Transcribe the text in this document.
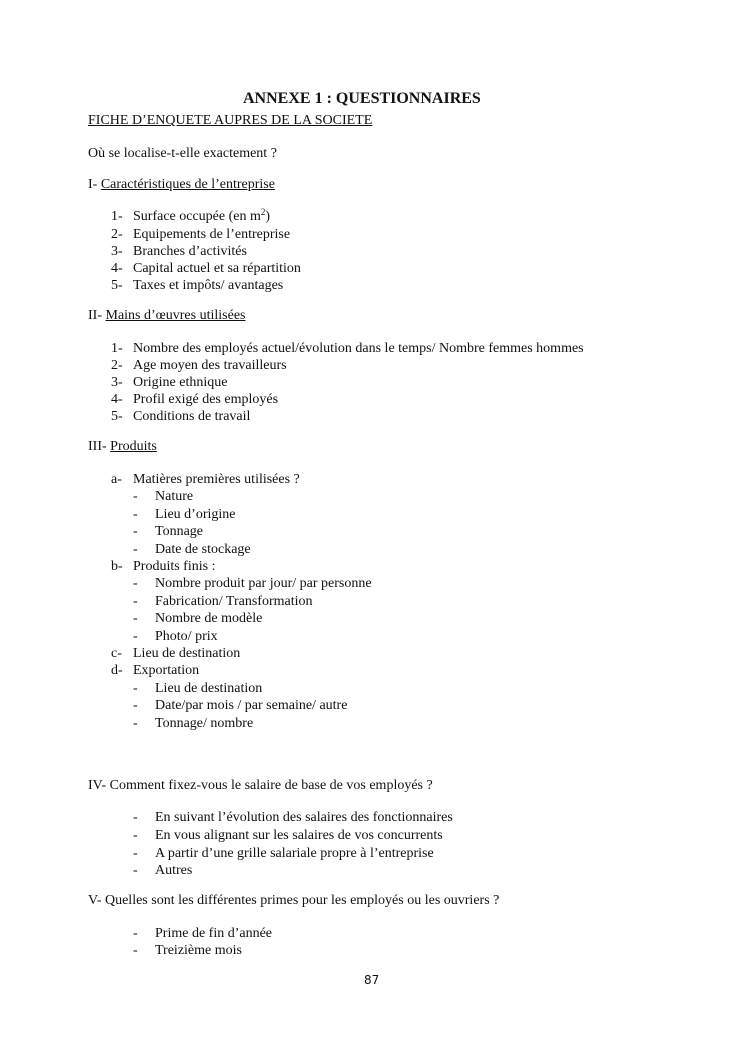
ANNEXE 1 : QUESTIONNAIRES
FICHE D’ENQUETE AUPRES DE LA SOCIETE
Où se localise-t-elle exactement ?
I- Caractéristiques de l’entreprise
1- Surface occupée (en $m^2$)
2- Equipements de l’entreprise
3- Branches d’activités
4- Capital actuel et sa répartition
5- Taxes et impôts/ avantages
II- Mains d’œuvres utilisées
1- Nombre des employés actuel/évolution dans le temps/ Nombre femmes hommes
2- Age moyen des travailleurs
3- Origine ethnique
4- Profil exigé des employés
5- Conditions de travail
III- Produits
a- Matières premières utilisées ?
- Nature
- Lieu d’origine
- Tonnage
- Date de stockage
b- Produits finis :
- Nombre produit par jour/ par personne
- Fabrication/ Transformation
- Nombre de modèle
- Photo/ prix
c- Lieu de destination
d- Exportation
- Lieu de destination
- Date/par mois / par semaine/ autre
- Tonnage/ nombre
IV- Comment fixez-vous le salaire de base de vos employés ?
- En suivant l’évolution des salaires des fonctionnaires
- En vous alignant sur les salaires de vos concurrents
- A partir d’une grille salariale propre à l’entreprise
- Autres
V- Quelles sont les différentes primes pour les employés ou les ouvriers ?
- Prime de fin d’année
- Treizième mois
87
